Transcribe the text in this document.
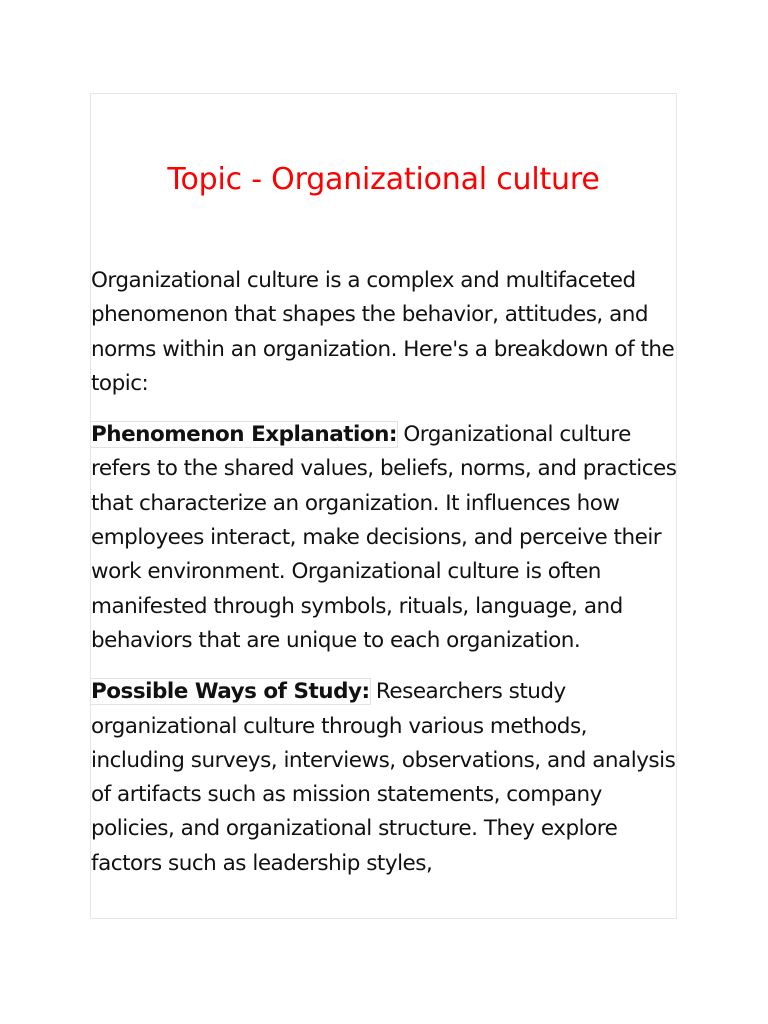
Topic - Organizational culture

Organizational culture is a complex and multifaceted phenomenon that shapes the behavior, attitudes, and norms within an organization. Here's a breakdown of the topic:

Phenomenon Explanation: Organizational culture refers to the shared values, beliefs, norms, and practices that characterize an organization. It influences how employees interact, make decisions, and perceive their work environment. Organizational culture is often manifested through symbols, rituals, language, and behaviors that are unique to each organization.

Possible Ways of Study: Researchers study organizational culture through various methods, including surveys, interviews, observations, and analysis of artifacts such as mission statements, company policies, and organizational structure. They explore factors such as leadership styles,
